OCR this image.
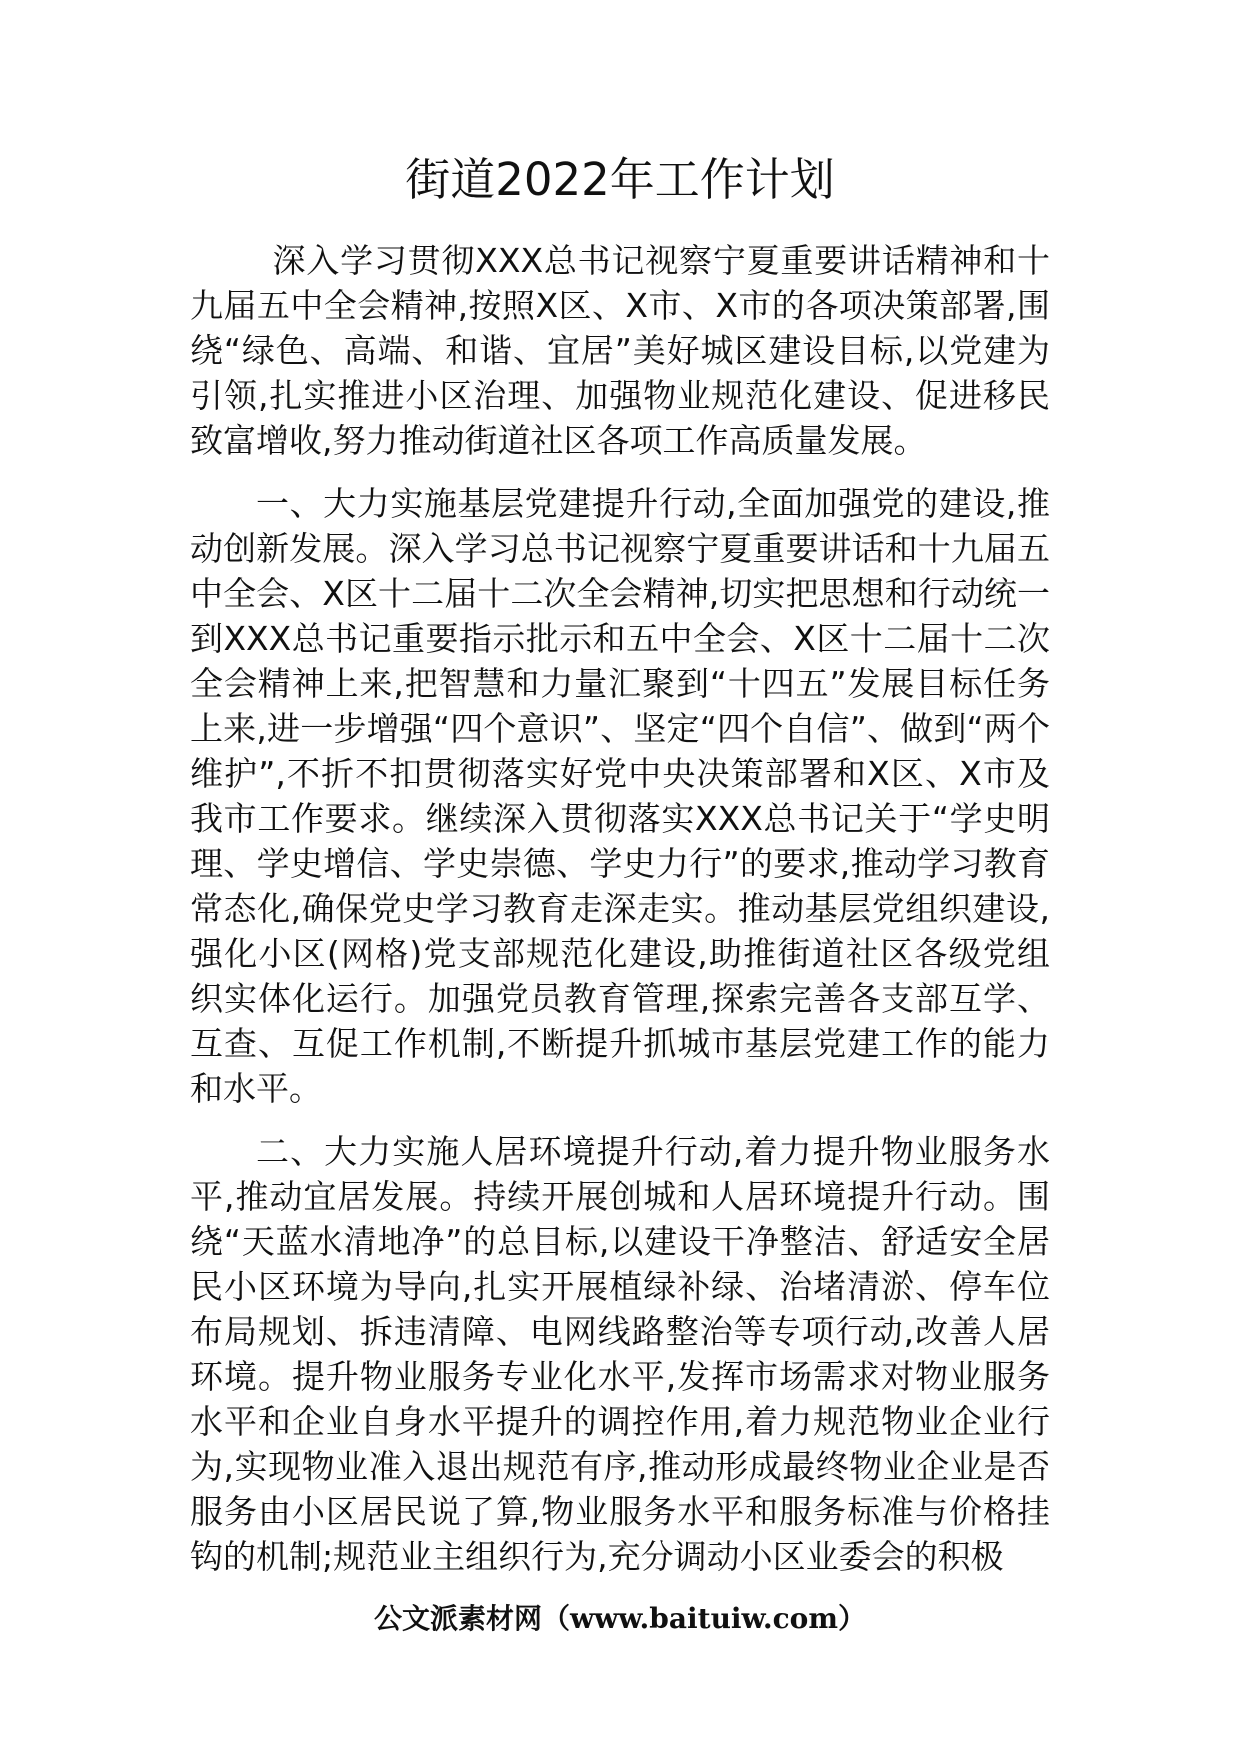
街道2022年工作计划

深入学习贯彻XXX总书记视察宁夏重要讲话精神和十九届五中全会精神,按照X区、X市、X市的各项决策部署,围绕“绿色、高端、和谐、宜居”美好城区建设目标,以党建为引领,扎实推进小区治理、加强物业规范化建设、促进移民致富增收,努力推动街道社区各项工作高质量发展。

一、大力实施基层党建提升行动,全面加强党的建设,推动创新发展。深入学习总书记视察宁夏重要讲话和十九届五中全会、X区十二届十二次全会精神,切实把思想和行动统一到XXX总书记重要指示批示和五中全会、X区十二届十二次全会精神上来,把智慧和力量汇聚到“十四五”发展目标任务上来,进一步增强“四个意识”、坚定“四个自信”、做到“两个维护”,不折不扣贯彻落实好党中央决策部署和X区、X市及我市工作要求。继续深入贯彻落实XXX总书记关于“学史明理、学史增信、学史崇德、学史力行”的要求,推动学习教育常态化,确保党史学习教育走深走实。推动基层党组织建设,强化小区(网格)党支部规范化建设,助推街道社区各级党组织实体化运行。加强党员教育管理,探索完善各支部互学、互查、互促工作机制,不断提升抓城市基层党建工作的能力和水平。

二、大力实施人居环境提升行动,着力提升物业服务水平,推动宜居发展。持续开展创城和人居环境提升行动。围绕“天蓝水清地净”的总目标,以建设干净整洁、舒适安全居民小区环境为导向,扎实开展植绿补绿、治堵清淤、停车位布局规划、拆违清障、电网线路整治等专项行动,改善人居环境。提升物业服务专业化水平,发挥市场需求对物业服务水平和企业自身水平提升的调控作用,着力规范物业企业行为,实现物业准入退出规范有序,推动形成最终物业企业是否服务由小区居民说了算,物业服务水平和服务标准与价格挂钩的机制;规范业主组织行为,充分调动小区业委会的积极

公文派素材网（www.baituiw.com）
